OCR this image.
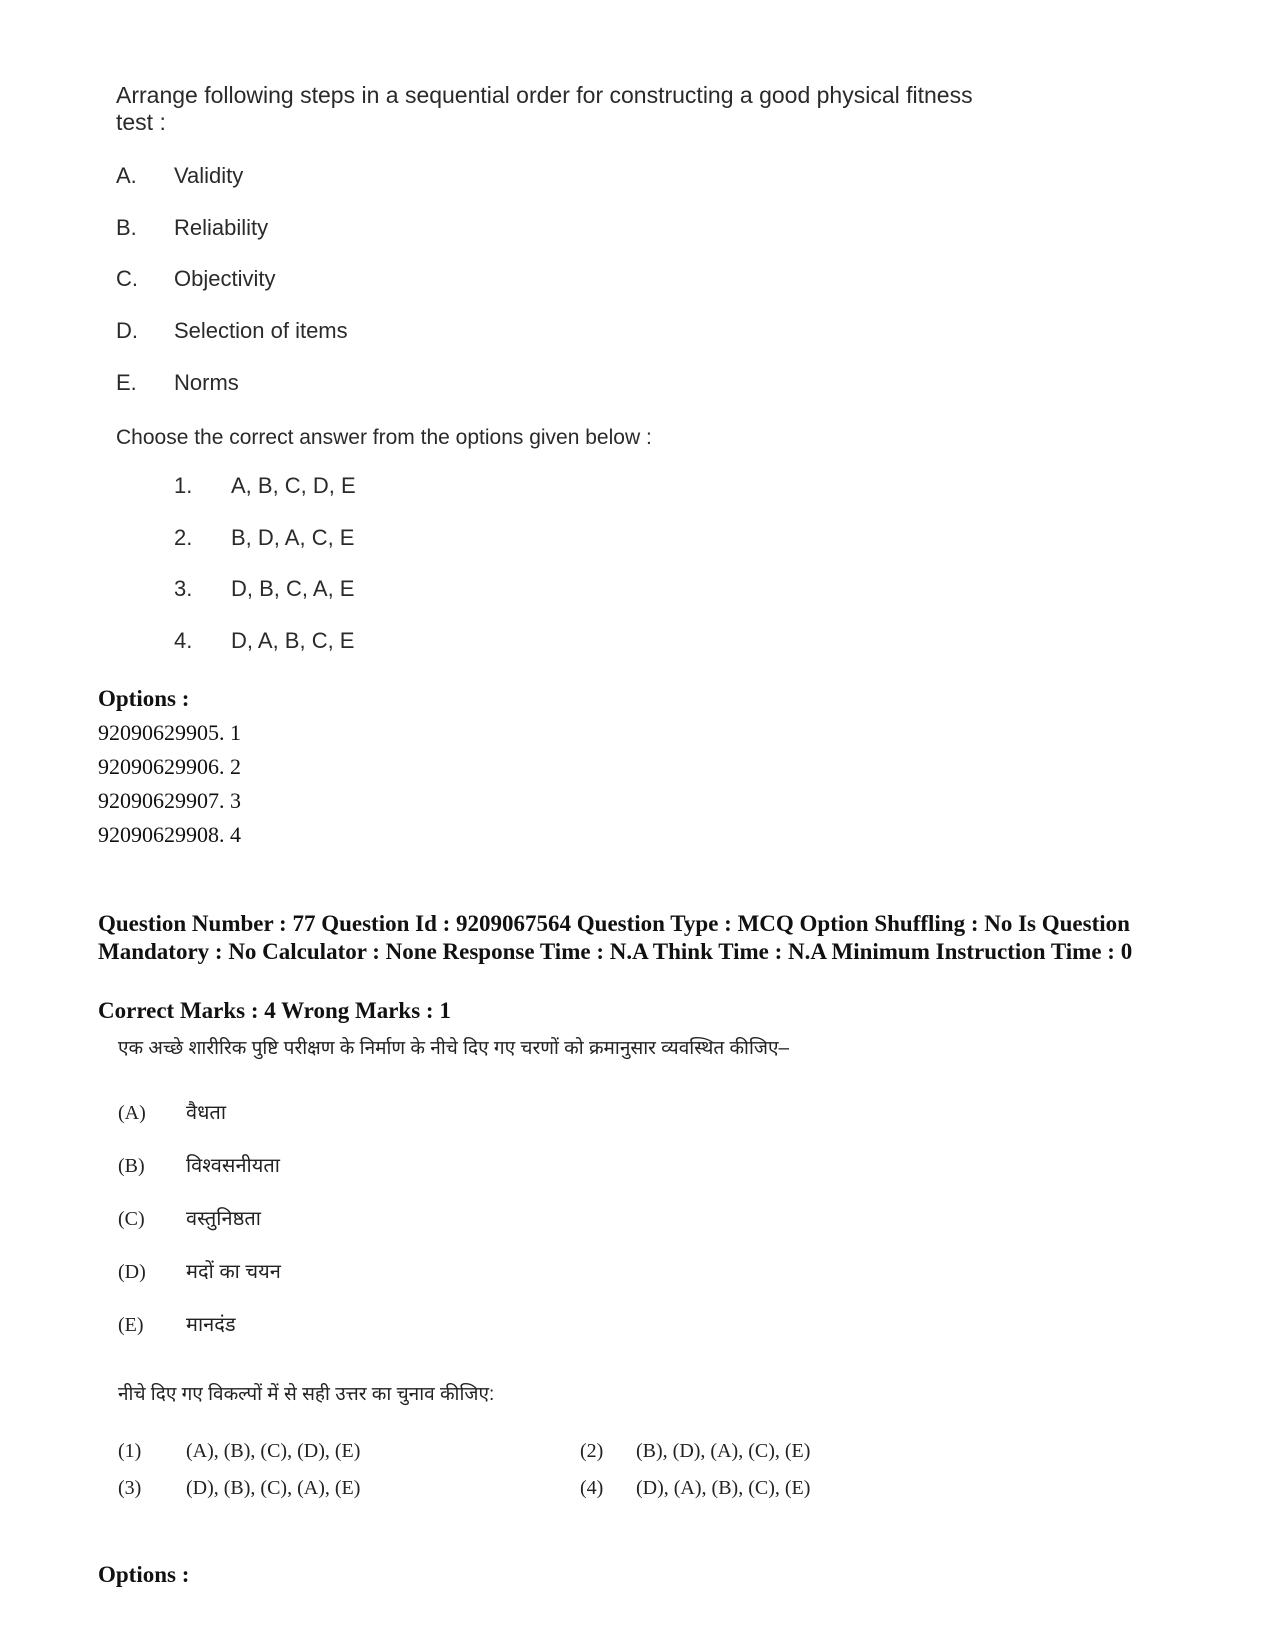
Arrange following steps in a sequential order for constructing a good physical fitness test :
A. Validity
B. Reliability
C. Objectivity
D. Selection of items
E. Norms
Choose the correct answer from the options given below :
1. A, B, C, D, E
2. B, D, A, C, E
3. D, B, C, A, E
4. D, A, B, C, E
Options :
92090629905. 1
92090629906. 2
92090629907. 3
92090629908. 4
Question Number : 77 Question Id : 9209067564 Question Type : MCQ Option Shuffling : No Is Question Mandatory : No Calculator : None Response Time : N.A Think Time : N.A Minimum Instruction Time : 0
Correct Marks : 4 Wrong Marks : 1
एक अच्छे शारीरिक पुष्टि परीक्षण के निर्माण के नीचे दिए गए चरणों को क्रमानुसार व्यवस्थित कीजिए–
(A) वैधता
(B) विश्वसनीयता
(C) वस्तुनिष्ठता
(D) मदों का चयन
(E) मानदंड
नीचे दिए गए विकल्पों में से सही उत्तर का चुनाव कीजिए:
(1) (A), (B), (C), (D), (E)	(2) (B), (D), (A), (C), (E)
(3) (D), (B), (C), (A), (E)	(4) (D), (A), (B), (C), (E)
Options :
